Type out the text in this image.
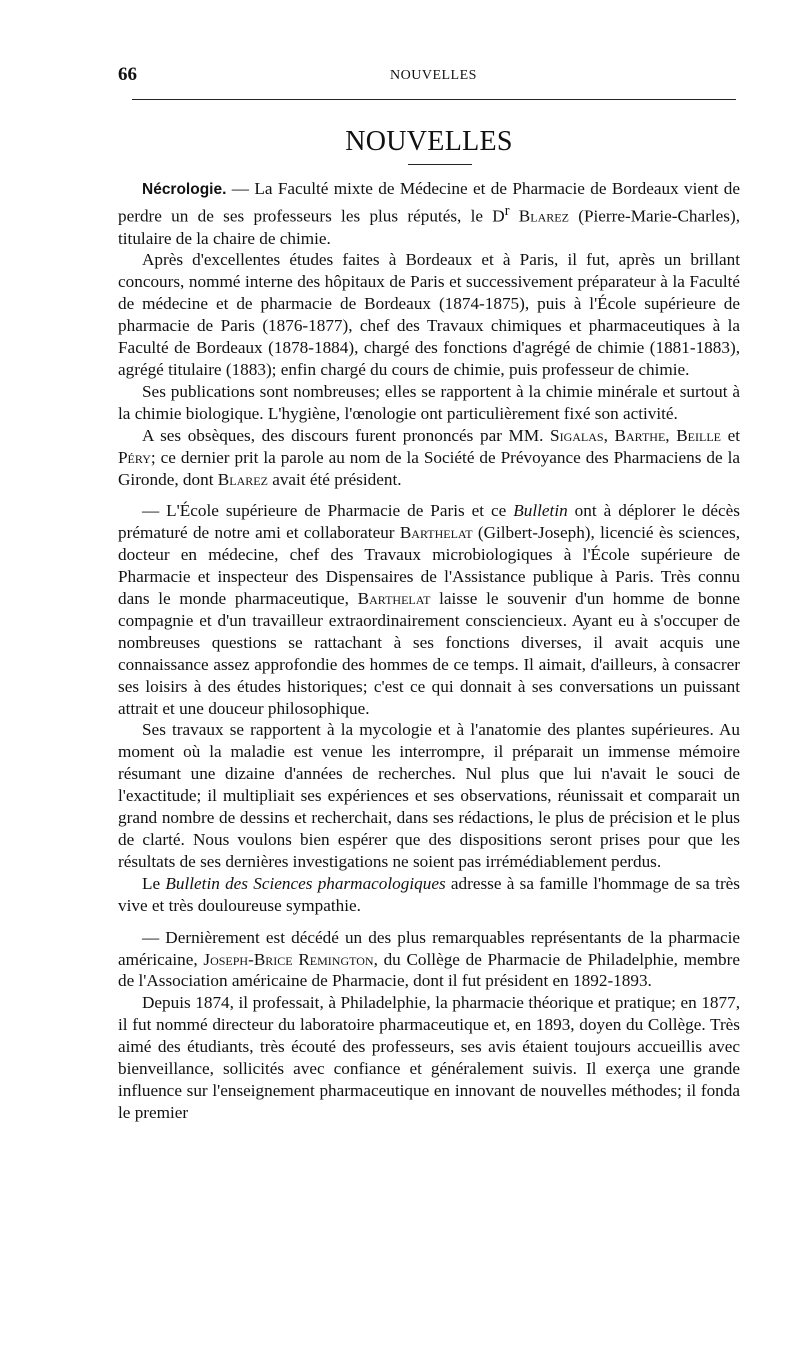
66	NOUVELLES
NOUVELLES

Nécrologie. — La Faculté mixte de Médecine et de Pharmacie de Bordeaux vient de perdre un de ses professeurs les plus réputés, le $D^r$ Blarez (Pierre-Marie-Charles), titulaire de la chaire de chimie.

Après d'excellentes études faites à Bordeaux et à Paris, il fut, après un brillant concours, nommé interne des hôpitaux de Paris et successivement préparateur à la Faculté de médecine et de pharmacie de Bordeaux (1874-1875), puis à l'École supérieure de pharmacie de Paris (1876-1877), chef des Travaux chimiques et pharmaceutiques à la Faculté de Bordeaux (1878-1884), chargé des fonctions d'agrégé de chimie (1881-1883), agrégé titulaire (1883); enfin chargé du cours de chimie, puis professeur de chimie.

Ses publications sont nombreuses; elles se rapportent à la chimie minérale et surtout à la chimie biologique. L'hygiène, l'œnologie ont particulièrement fixé son activité.

A ses obsèques, des discours furent prononcés par MM. Sigalas, Barthe, Beille et Péry; ce dernier prit la parole au nom de la Société de Prévoyance des Pharmaciens de la Gironde, dont Blarez avait été président.

— L'École supérieure de Pharmacie de Paris et ce Bulletin ont à déplorer le décès prématuré de notre ami et collaborateur Barthelat (Gilbert-Joseph), licencié ès sciences, docteur en médecine, chef des Travaux microbiologiques à l'École supérieure de Pharmacie et inspecteur des Dispensaires de l'Assistance publique à Paris. Très connu dans le monde pharmaceutique, Barthelat laisse le souvenir d'un homme de bonne compagnie et d'un travailleur extraordinairement consciencieux. Ayant eu à s'occuper de nombreuses questions se rattachant à ses fonctions diverses, il avait acquis une connaissance assez approfondie des hommes de ce temps. Il aimait, d'ailleurs, à consacrer ses loisirs à des études historiques; c'est ce qui donnait à ses conversations un puissant attrait et une douceur philosophique.

Ses travaux se rapportent à la mycologie et à l'anatomie des plantes supérieures. Au moment où la maladie est venue les interrompre, il préparait un immense mémoire résumant une dizaine d'années de recherches. Nul plus que lui n'avait le souci de l'exactitude; il multipliait ses expériences et ses observations, réunissait et comparait un grand nombre de dessins et recherchait, dans ses rédactions, le plus de précision et le plus de clarté. Nous voulons bien espérer que des dispositions seront prises pour que les résultats de ses dernières investigations ne soient pas irrémédiablement perdus.

Le Bulletin des Sciences pharmacologiques adresse à sa famille l'hommage de sa très vive et très douloureuse sympathie.

— Dernièrement est décédé un des plus remarquables représentants de la pharmacie américaine, Joseph-Brice Remington, du Collège de Pharmacie de Philadelphie, membre de l'Association américaine de Pharmacie, dont il fut président en 1892-1893.

Depuis 1874, il professait, à Philadelphie, la pharmacie théorique et pratique; en 1877, il fut nommé directeur du laboratoire pharmaceutique et, en 1893, doyen du Collège. Très aimé des étudiants, très écouté des professeurs, ses avis étaient toujours accueillis avec bienveillance, sollicités avec confiance et généralement suivis. Il exerça une grande influence sur l'enseignement pharmaceutique en innovant de nouvelles méthodes; il fonda le premier
